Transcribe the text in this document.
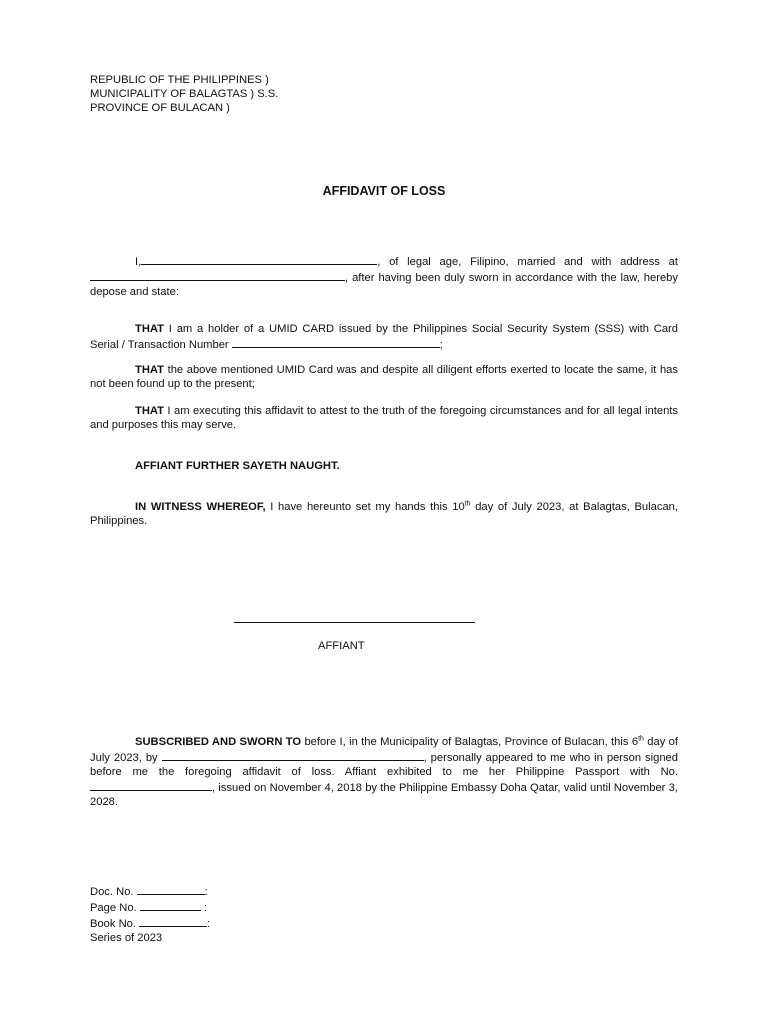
REPUBLIC OF THE PHILIPPINES )
MUNICIPALITY OF BALAGTAS ) S.S.
PROVINCE OF BULACAN )
AFFIDAVIT OF LOSS
I,	, of legal age, Filipino, married and with address at , after having been duly sworn in accordance with the law, hereby depose and state:
THAT I am a holder of a UMID CARD issued by the Philippines Social Security System (SSS) with Card Serial / Transaction Number	;
THAT the above mentioned UMID Card was and despite all diligent efforts exerted to locate the same, it has not been found up to the present;
THAT I am executing this affidavit to attest to the truth of the foregoing circumstances and for all legal intents and purposes this may serve.
AFFIANT FURTHER SAYETH NAUGHT.
IN WITNESS WHEREOF, I have hereunto set my hands this 10th day of July 2023, at Balagtas, Bulacan, Philippines.
AFFIANT
SUBSCRIBED AND SWORN TO before I, in the Municipality of Balagtas, Province of Bulacan, this 6th day of July 2023, by	, personally appeared to me who in person signed before me the foregoing affidavit of loss. Affiant exhibited to me her Philippine Passport with No. , issued on November 4, 2018 by the Philippine Embassy Doha Qatar, valid until November 3, 2028.
Doc. No.	:
Page No.	:
Book No.	:
Series of 2023
